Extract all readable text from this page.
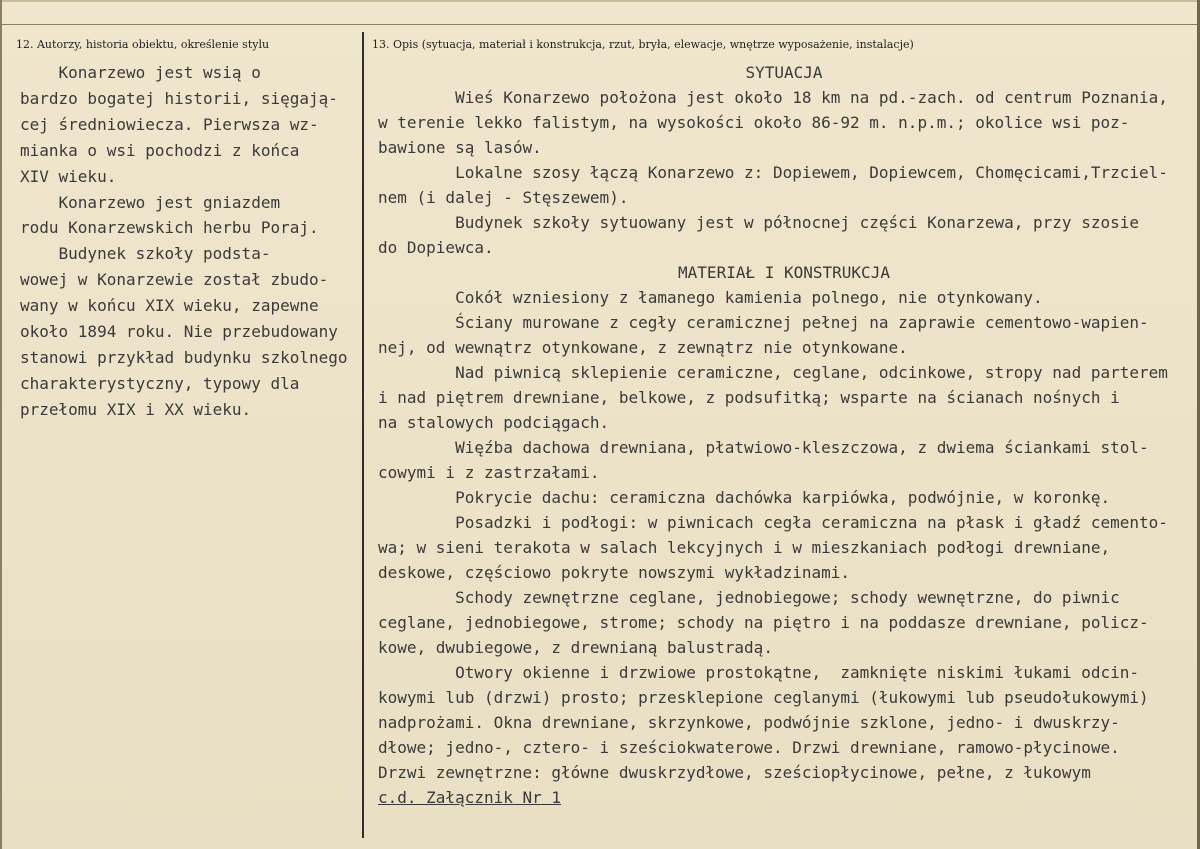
12. Autorzy, historia obiektu, określenie stylu	13. Opis (sytuacja, materiał i konstrukcja, rzut, bryła, elewacje, wnętrze wyposażenie, instalacje)
Konarzewo jest wsią o
bardzo bogatej historii, sięgają-
cej średniowiecza. Pierwsza wz-
mianka o wsi pochodzi z końca
XIV wieku.
Konarzewo jest gniazdem
rodu Konarzewskich herbu Poraj.
Budynek szkoły podsta-
wowej w Konarzewie został zbudo-
wany w końcu XIX wieku, zapewne
około 1894 roku. Nie przebudowany
stanowi przykład budynku szkolnego
charakterystyczny, typowy dla
przełomu XIX i XX wieku.
SYTUACJA
Wieś Konarzewo położona jest około 18 km na pd.-zach. od centrum Poznania,
w terenie lekko falistym, na wysokości około 86-92 m. n.p.m.; okolice wsi poz-
bawione są lasów.
Lokalne szosy łączą Konarzewo z: Dopiewem, Dopiewcem, Chomęcicami,Trzciel-
nem (i dalej - Stęszewem).
Budynek szkoły sytuowany jest w północnej części Konarzewa, przy szosie
do Dopiewca.
MATERIAŁ I KONSTRUKCJA
Cokół wzniesiony z łamanego kamienia polnego, nie otynkowany.
Ściany murowane z cegły ceramicznej pełnej na zaprawie cementowo-wapien-
nej, od wewnątrz otynkowane, z zewnątrz nie otynkowane.
Nad piwnicą sklepienie ceramiczne, ceglane, odcinkowe, stropy nad parterem
i nad piętrem drewniane, belkowe, z podsufitką; wsparte na ścianach nośnych i
na stalowych podciągach.
Więźba dachowa drewniana, płatwiowo-kleszczowa, z dwiema ściankami stol-
cowymi i z zastrzałami.
Pokrycie dachu: ceramiczna dachówka karpiówka, podwójnie, w koronkę.
Posadzki i podłogi: w piwnicach cegła ceramiczna na płask i gładź cemento-
wa; w sieni terakota w salach lekcyjnych i w mieszkaniach podłogi drewniane,
deskowe, częściowo pokryte nowszymi wykładzinami.
Schody zewnętrzne ceglane, jednobiegowe; schody wewnętrzne, do piwnic
ceglane, jednobiegowe, strome; schody na piętro i na poddasze drewniane, policz-
kowe, dwubiegowe, z drewnianą balustradą.
Otwory okienne i drzwiowe prostokątne,  zamknięte niskimi łukami odcin-
kowymi lub (drzwi) prosto; przesklepione ceglanymi (łukowymi lub pseudołukowymi)
nadprożami. Okna drewniane, skrzynkowe, podwójnie szklone, jedno- i dwuskrzy-
dłowe; jedno-, cztero- i sześciokwaterowe. Drzwi drewniane, ramowo-płycinowe.
Drzwi zewnętrzne: główne dwuskrzydłowe, sześciopłycinowe, pełne, z łukowym
c.d. Załącznik Nr 1
